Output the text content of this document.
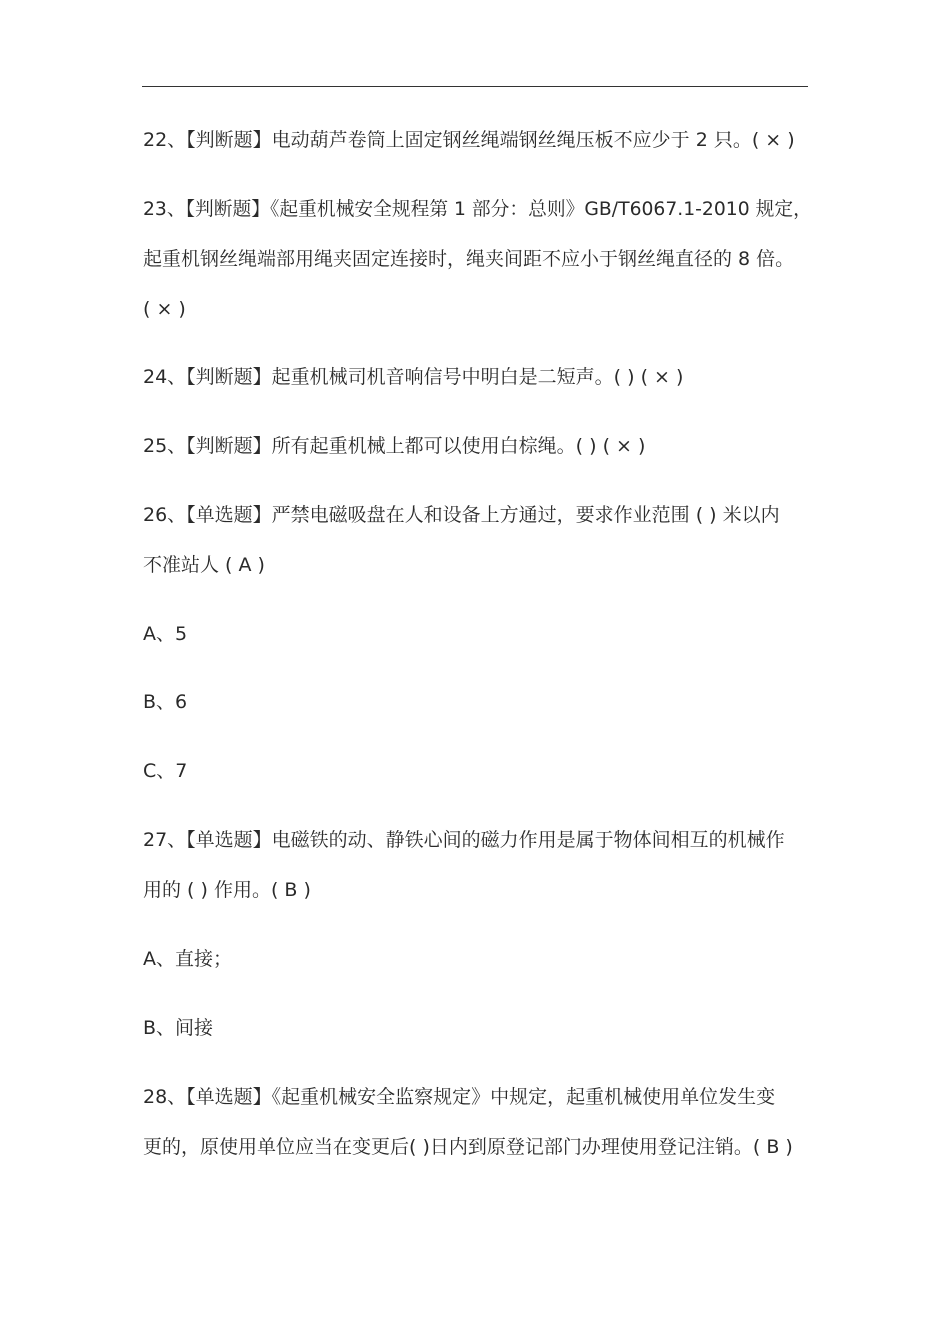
22、【判断题】电动葫芦卷筒上固定钢丝绳端钢丝绳压板不应少于 2 只。( × )
23、【判断题】《起重机械安全规程第 1 部分：总则》GB/T6067.1-2010 规定，
起重机钢丝绳端部用绳夹固定连接时，绳夹间距不应小于钢丝绳直径的 8 倍。
( × )
24、【判断题】起重机械司机音响信号中明白是二短声。( ) ( × )
25、【判断题】所有起重机械上都可以使用白棕绳。( ) ( × )
26、【单选题】严禁电磁吸盘在人和设备上方通过，要求作业范围 ( ) 米以内
不准站人 ( A )
A、5
B、6
C、7
27、【单选题】电磁铁的动、静铁心间的磁力作用是属于物体间相互的机械作
用的 ( ) 作用。( B )
A、直接；
B、间接
28、【单选题】《起重机械安全监察规定》中规定，起重机械使用单位发生变
更的，原使用单位应当在变更后( )日内到原登记部门办理使用登记注销。( B )
